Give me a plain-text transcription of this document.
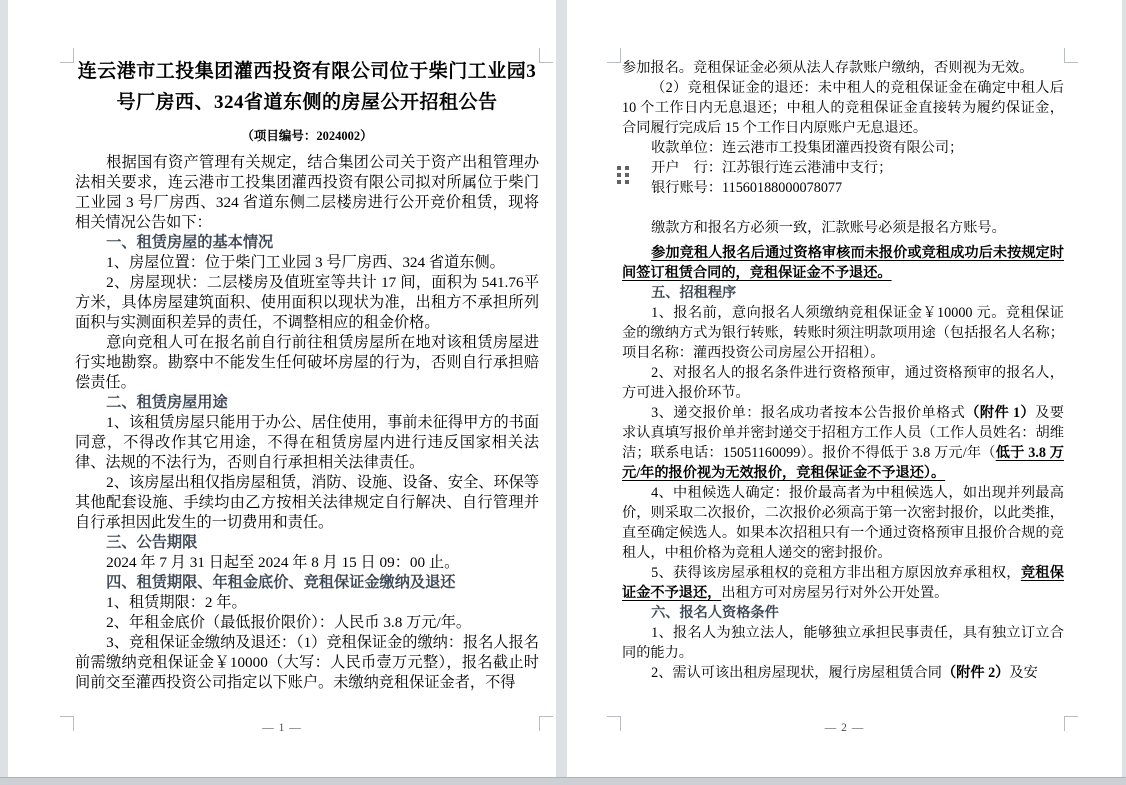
连云港市工投集团灌西投资有限公司位于柴门工业园3号厂房西、324省道东侧的房屋公开招租公告
（项目编号：2024002）
根据国有资产管理有关规定，结合集团公司关于资产出租管理办法相关要求，连云港市工投集团灌西投资有限公司拟对所属位于柴门工业园 3 号厂房西、324 省道东侧二层楼房进行公开竞价租赁，现将相关情况公告如下：
一、租赁房屋的基本情况
1、房屋位置：位于柴门工业园 3 号厂房西、324 省道东侧。
2、房屋现状：二层楼房及值班室等共计 17 间，面积为 541.76平方米，具体房屋建筑面积、使用面积以现状为准，出租方不承担所列面积与实测面积差异的责任，不调整相应的租金价格。
意向竞租人可在报名前自行前往租赁房屋所在地对该租赁房屋进行实地勘察。勘察中不能发生任何破坏房屋的行为，否则自行承担赔偿责任。
二、租赁房屋用途
1、该租赁房屋只能用于办公、居住使用，事前未征得甲方的书面同意，不得改作其它用途，不得在租赁房屋内进行违反国家相关法律、法规的不法行为，否则自行承担相关法律责任。
2、该房屋出租仅指房屋租赁，消防、设施、设备、安全、环保等其他配套设施、手续均由乙方按相关法律规定自行解决、自行管理并自行承担因此发生的一切费用和责任。
三、公告期限
2024 年 7 月 31 日起至 2024 年 8 月 15 日 09：00 止。
四、租赁期限、年租金底价、竞租保证金缴纳及退还
1、租赁期限：2 年。
2、年租金底价（最低报价限价）：人民币 3.8 万元/年。
3、竞租保证金缴纳及退还：（1）竞租保证金的缴纳：报名人报名前需缴纳竞租保证金￥10000（大写：人民币壹万元整），报名截止时间前交至灌西投资公司指定以下账户。未缴纳竞租保证金者，不得
— 1 —
参加报名。竞租保证金必须从法人存款账户缴纳，否则视为无效。
（2）竞租保证金的退还：未中租人的竞租保证金在确定中租人后 10 个工作日内无息退还；中租人的竞租保证金直接转为履约保证金，合同履行完成后 15 个工作日内原账户无息退还。
收款单位：连云港市工投集团灌西投资有限公司；
开户　行：江苏银行连云港浦中支行；
银行账号：11560188000078077

缴款方和报名方必须一致，汇款账号必须是报名方账号。
参加竞租人报名后通过资格审核而未报价或竞租成功后未按规定时间签订租赁合同的，竞租保证金不予退还。
五、招租程序
1、报名前，意向报名人须缴纳竞租保证金￥10000 元。竞租保证金的缴纳方式为银行转账，转账时须注明款项用途（包括报名人名称；项目名称：灌西投资公司房屋公开招租）。
2、对报名人的报名条件进行资格预审，通过资格预审的报名人，方可进入报价环节。
3、递交报价单：报名成功者按本公告报价单格式（附件 1）及要求认真填写报价单并密封递交于招租方工作人员（工作人员姓名：胡维洁；联系电话：15051160099）。报价不得低于 3.8 万元/年（低于 3.8 万元/年的报价视为无效报价，竞租保证金不予退还）。
4、中租候选人确定：报价最高者为中租候选人，如出现并列最高价，则采取二次报价，二次报价必须高于第一次密封报价，以此类推，直至确定候选人。如果本次招租只有一个通过资格预审且报价合规的竞租人，中租价格为竞租人递交的密封报价。
5、获得该房屋承租权的竞租方非出租方原因放弃承租权，竞租保证金不予退还，出租方可对房屋另行对外公开处置。
六、报名人资格条件
1、报名人为独立法人，能够独立承担民事责任，具有独立订立合同的能力。
2、需认可该出租房屋现状，履行房屋租赁合同（附件 2）及安
— 2 —
